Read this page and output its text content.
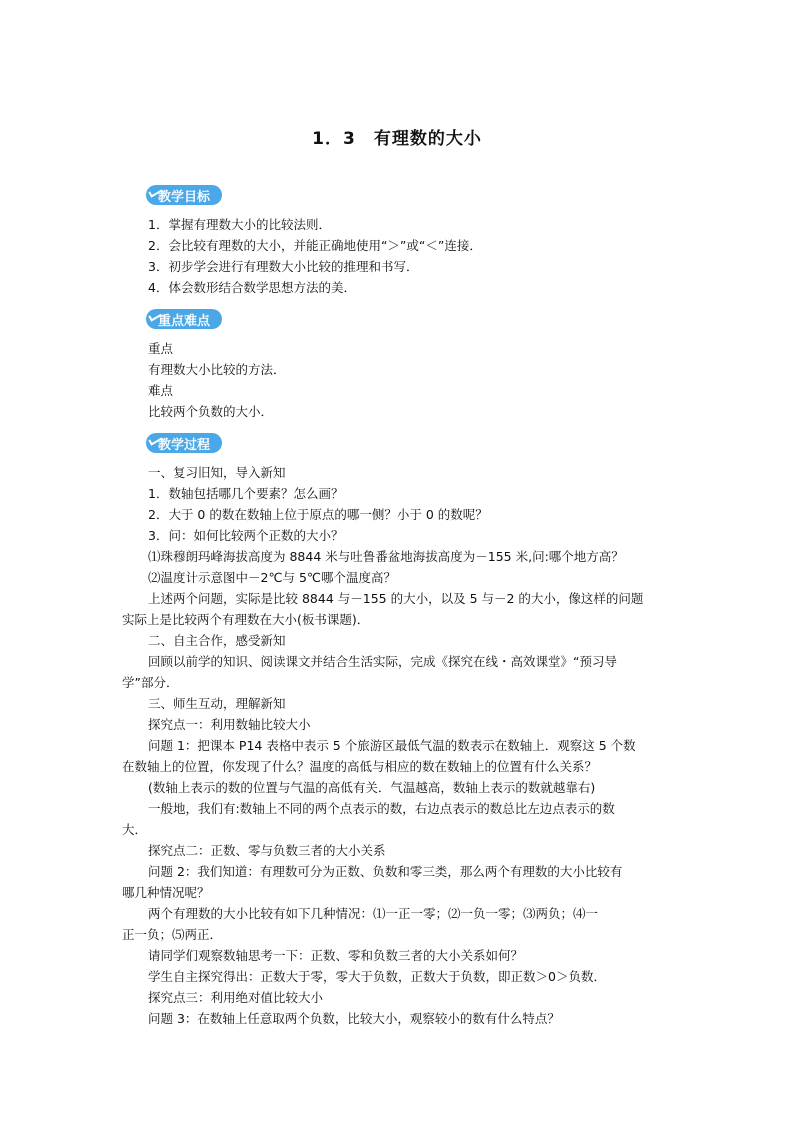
1．3　有理数的大小
教学目标
1．掌握有理数大小的比较法则．
2．会比较有理数的大小，并能正确地使用“＞”或“＜”连接．
3．初步学会进行有理数大小比较的推理和书写．
4．体会数形结合数学思想方法的美．
重点难点
重点
有理数大小比较的方法．
难点
比较两个负数的大小．
教学过程
一、复习旧知，导入新知
1．数轴包括哪几个要素？怎么画？
2．大于 0 的数在数轴上位于原点的哪一侧？小于 0 的数呢？
3．问：如何比较两个正数的大小？
⑴珠穆朗玛峰海拔高度为 8844 米与吐鲁番盆地海拔高度为－155 米,问:哪个地方高？
⑵温度计示意图中－2℃与 5℃哪个温度高？
上述两个问题，实际是比较 8844 与－155 的大小，以及 5 与－2 的大小，像这样的问题
实际上是比较两个有理数在大小(板书课题)．
二、自主合作，感受新知
回顾以前学的知识、阅读课文并结合生活实际，完成《探究在线・高效课堂》“预习导
学”部分．
三、师生互动，理解新知
探究点一：利用数轴比较大小
问题 1：把课本 P14 表格中表示 5 个旅游区最低气温的数表示在数轴上．观察这 5 个数
在数轴上的位置，你发现了什么？温度的高低与相应的数在数轴上的位置有什么关系？
(数轴上表示的数的位置与气温的高低有关．气温越高，数轴上表示的数就越靠右)
一般地，我们有:数轴上不同的两个点表示的数，右边点表示的数总比左边点表示的数
大．
探究点二：正数、零与负数三者的大小关系
问题 2：我们知道：有理数可分为正数、负数和零三类，那么两个有理数的大小比较有
哪几种情况呢？
两个有理数的大小比较有如下几种情况：⑴一正一零；⑵一负一零；⑶两负；⑷一
正一负；⑸两正．
请同学们观察数轴思考一下：正数、零和负数三者的大小关系如何？
学生自主探究得出：正数大于零，零大于负数，正数大于负数，即正数＞0＞负数．
探究点三：利用绝对值比较大小
问题 3：在数轴上任意取两个负数，比较大小，观察较小的数有什么特点？
